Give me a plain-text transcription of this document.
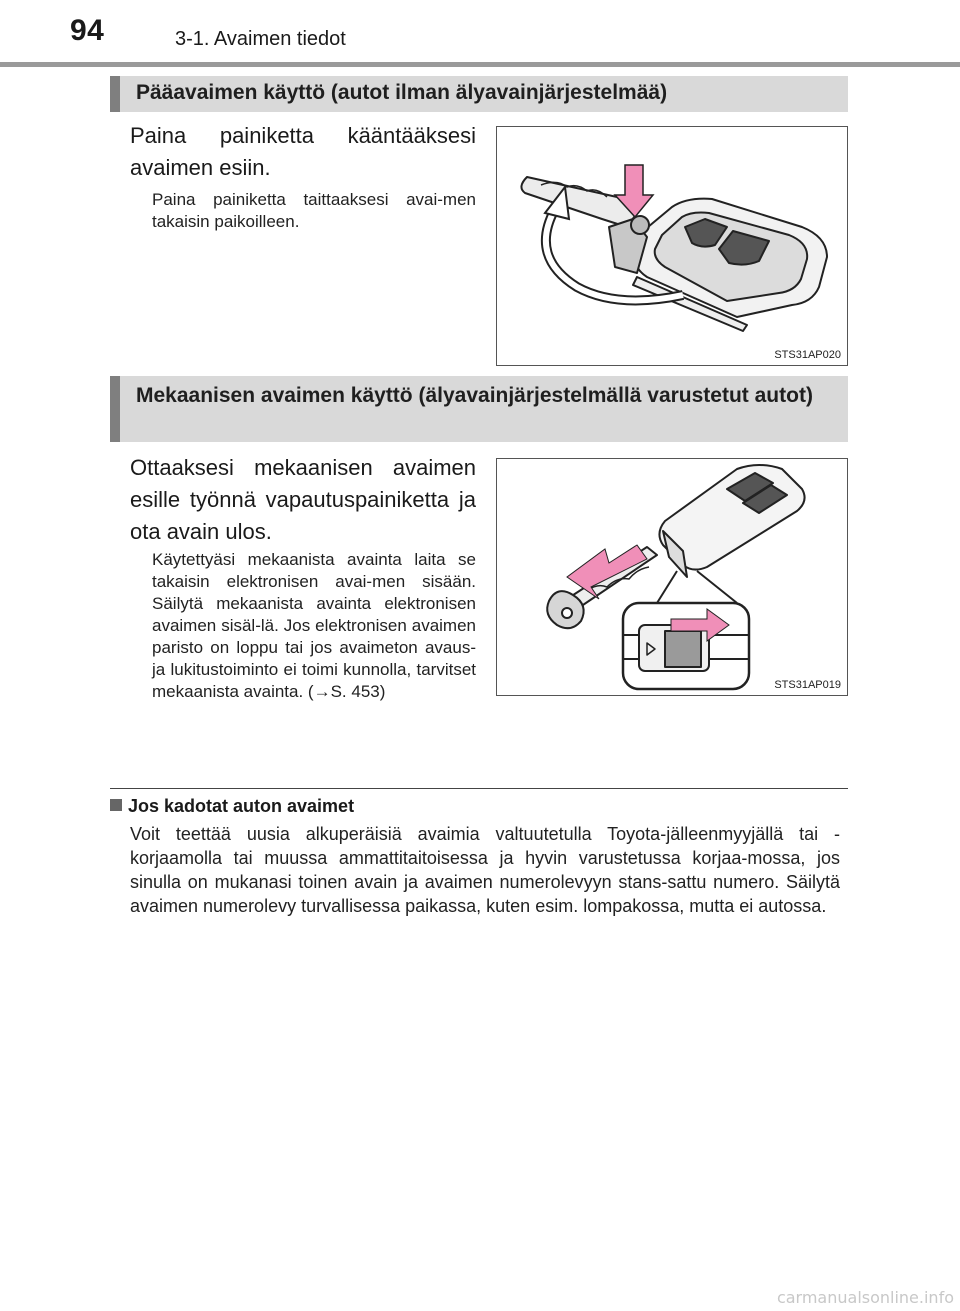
94	3-1. Avaimen tiedot
Pääavaimen käyttö (autot ilman älyavainjärjestelmää)
Paina painiketta kääntääksesi avaimen esiin.
Paina painiketta taittaaksesi avai-men takaisin paikoilleen.
STS31AP020
Mekaanisen avaimen käyttö (älyavainjärjestelmällä varustetut autot)
Ottaaksesi mekaanisen avaimen esille työnnä vapautuspainiketta ja ota avain ulos.
Käytettyäsi mekaanista avainta laita se takaisin elektronisen avai-men sisään. Säilytä mekaanista avainta elektronisen avaimen sisäl-lä. Jos elektronisen avaimen paristo on loppu tai jos avaimeton avaus- ja lukitustoiminto ei toimi kunnolla, tarvitset mekaanista avainta. (→S. 453)	STS31AP019
Jos kadotat auton avaimet
Voit teettää uusia alkuperäisiä avaimia valtuutetulla Toyota-jälleenmyyjällä tai -korjaamolla tai muussa ammattitaitoisessa ja hyvin varustetussa korjaa-mossa, jos sinulla on mukanasi toinen avain ja avaimen numerolevyyn stans-sattu numero. Säilytä avaimen numerolevy turvallisessa paikassa, kuten esim. lompakossa, mutta ei autossa.
carmanualsonline.info
